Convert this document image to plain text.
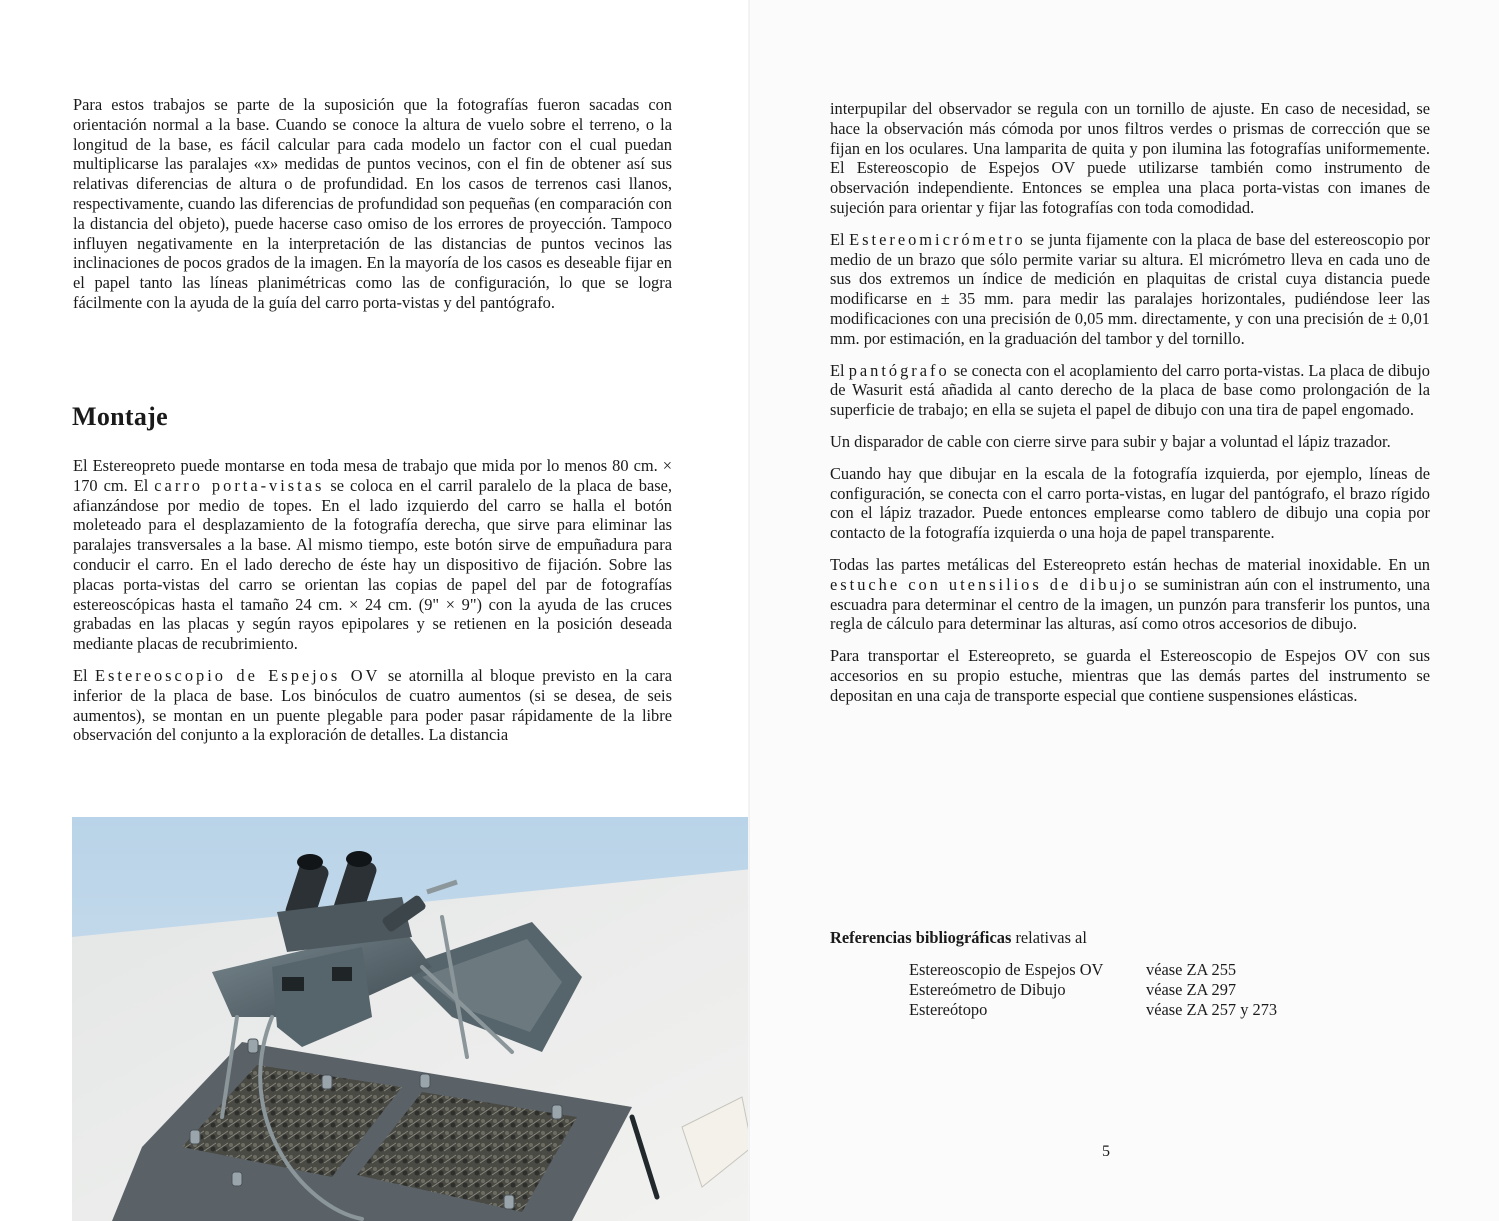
Para estos trabajos se parte de la suposición que la fotografías fueron sacadas con orientación normal a la base. Cuando se conoce la altura de vuelo sobre el terreno, o la longitud de la base, es fácil calcular para cada modelo un factor con el cual puedan multiplicarse las paralajes «x» medidas de puntos vecinos, con el fin de obtener así sus relativas diferencias de altura o de profundidad. En los casos de terrenos casi llanos, respectivamente, cuando las diferencias de profundidad son pequeñas (en comparación con la distancia del objeto), puede hacerse caso omiso de los errores de proyección. Tampoco influyen negativamente en la interpretación de las distancias de puntos vecinos las inclinaciones de pocos grados de la imagen. En la mayoría de los casos es deseable fijar en el papel tanto las líneas planimétricas como las de configuración, lo que se logra fácilmente con la ayuda de la guía del carro porta-vistas y del pantógrafo.

Montaje

El Estereopreto puede montarse en toda mesa de trabajo que mida por lo menos 80 cm. × 170 cm. El carro porta-vistas se coloca en el carril paralelo de la placa de base, afianzándose por medio de topes. En el lado izquierdo del carro se halla el botón moleteado para el desplazamiento de la fotografía derecha, que sirve para eliminar las paralajes transversales a la base. Al mismo tiempo, este botón sirve de empuñadura para conducir el carro. En el lado derecho de éste hay un dispositivo de fijación. Sobre las placas porta-vistas del carro se orientan las copias de papel del par de fotografías estereoscópicas hasta el tamaño 24 cm. × 24 cm. (9" × 9") con la ayuda de las cruces grabadas en las placas y según rayos epipolares y se retienen en la posición deseada mediante placas de recubrimiento.

El Estereoscopio de Espejos OV se atornilla al bloque previsto en la cara inferior de la placa de base. Los binóculos de cuatro aumentos (si se desea, de seis aumentos), se montan en un puente plegable para poder pasar rápidamente de la libre observación del conjunto a la exploración de detalles. La distancia

interpupilar del observador se regula con un tornillo de ajuste. En caso de necesidad, se hace la observación más cómoda por unos filtros verdes o prismas de corrección que se fijan en los oculares. Una lamparita de quita y pon ilumina las fotografías uniformemente. El Estereoscopio de Espejos OV puede utilizarse también como instrumento de observación independiente. Entonces se emplea una placa porta-vistas con imanes de sujeción para orientar y fijar las fotografías con toda comodidad.

El Estereomicrómetro se junta fijamente con la placa de base del estereoscopio por medio de un brazo que sólo permite variar su altura. El micrómetro lleva en cada uno de sus dos extremos un índice de medición en plaquitas de cristal cuya distancia puede modificarse en ± 35 mm. para medir las paralajes horizontales, pudiéndose leer las modificaciones con una precisión de 0,05 mm. directamente, y con una precisión de ± 0,01 mm. por estimación, en la graduación del tambor y del tornillo.

El pantógrafo se conecta con el acoplamiento del carro porta-vistas. La placa de dibujo de Wasurit está añadida al canto derecho de la placa de base como prolongación de la superficie de trabajo; en ella se sujeta el papel de dibujo con una tira de papel engomado.

Un disparador de cable con cierre sirve para subir y bajar a voluntad el lápiz trazador.

Cuando hay que dibujar en la escala de la fotografía izquierda, por ejemplo, líneas de configuración, se conecta con el carro porta-vistas, en lugar del pantógrafo, el brazo rígido con el lápiz trazador. Puede entonces emplearse como tablero de dibujo una copia por contacto de la fotografía izquierda o una hoja de papel transparente.

Todas las partes metálicas del Estereopreto están hechas de material inoxidable. En un estuche con utensilios de dibujo se suministran aún con el instrumento, una escuadra para determinar el centro de la imagen, un punzón para transferir los puntos, una regla de cálculo para determinar las alturas, así como otros accesorios de dibujo.

Para transportar el Estereopreto, se guarda el Estereoscopio de Espejos OV con sus accesorios en su propio estuche, mientras que las demás partes del instrumento se depositan en una caja de transporte especial que contiene suspensiones elásticas.

Referencias bibliográficas relativas al
Estereoscopio de Espejos OV	véase ZA 255
Estereómetro de Dibujo	véase ZA 297
Estereótopo	véase ZA 257 y 273
5
